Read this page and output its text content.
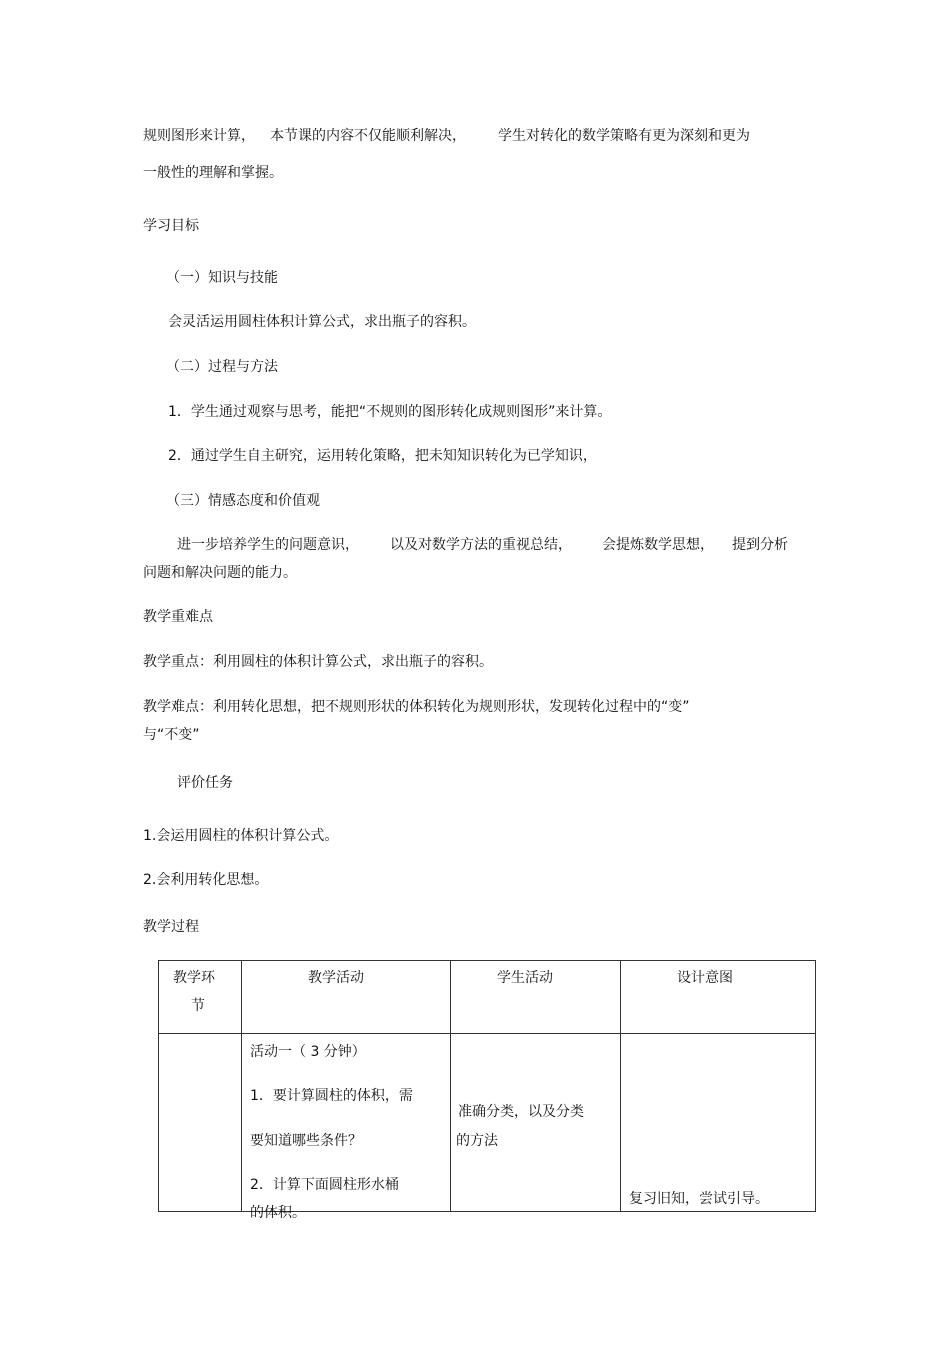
规则图形来计算， 本节课的内容不仅能顺利解决， 学生对转化的数学策略有更为深刻和更为
一般性的理解和掌握。
学习目标
（一）知识与技能
会灵活运用圆柱体积计算公式，求出瓶子的容积。
（二）过程与方法
1．学生通过观察与思考，能把“不规则的图形转化成规则图形”来计算。
2．通过学生自主研究，运用转化策略，把未知知识转化为已学知识，
（三）情感态度和价值观
进一步培养学生的问题意识， 以及对数学方法的重视总结， 会提炼数学思想， 提到分析
问题和解决问题的能力。
教学重难点
教学重点：利用圆柱的体积计算公式，求出瓶子的容积。
教学难点：利用转化思想，把不规则形状的体积转化为规则形状，发现转化过程中的“变”
与“不变”
评价任务
1.会运用圆柱的体积计算公式。
2.会利用转化思想。
教学过程
教学环
节	教学活动	学生活动	设计意图

	活动一（ 3 分钟）
1．要计算圆柱的体积，需
要知道哪些条件？
2．计算下面圆柱形水桶
的体积。	准确分类，以及分类
的方法	复习旧知，尝试引导。
